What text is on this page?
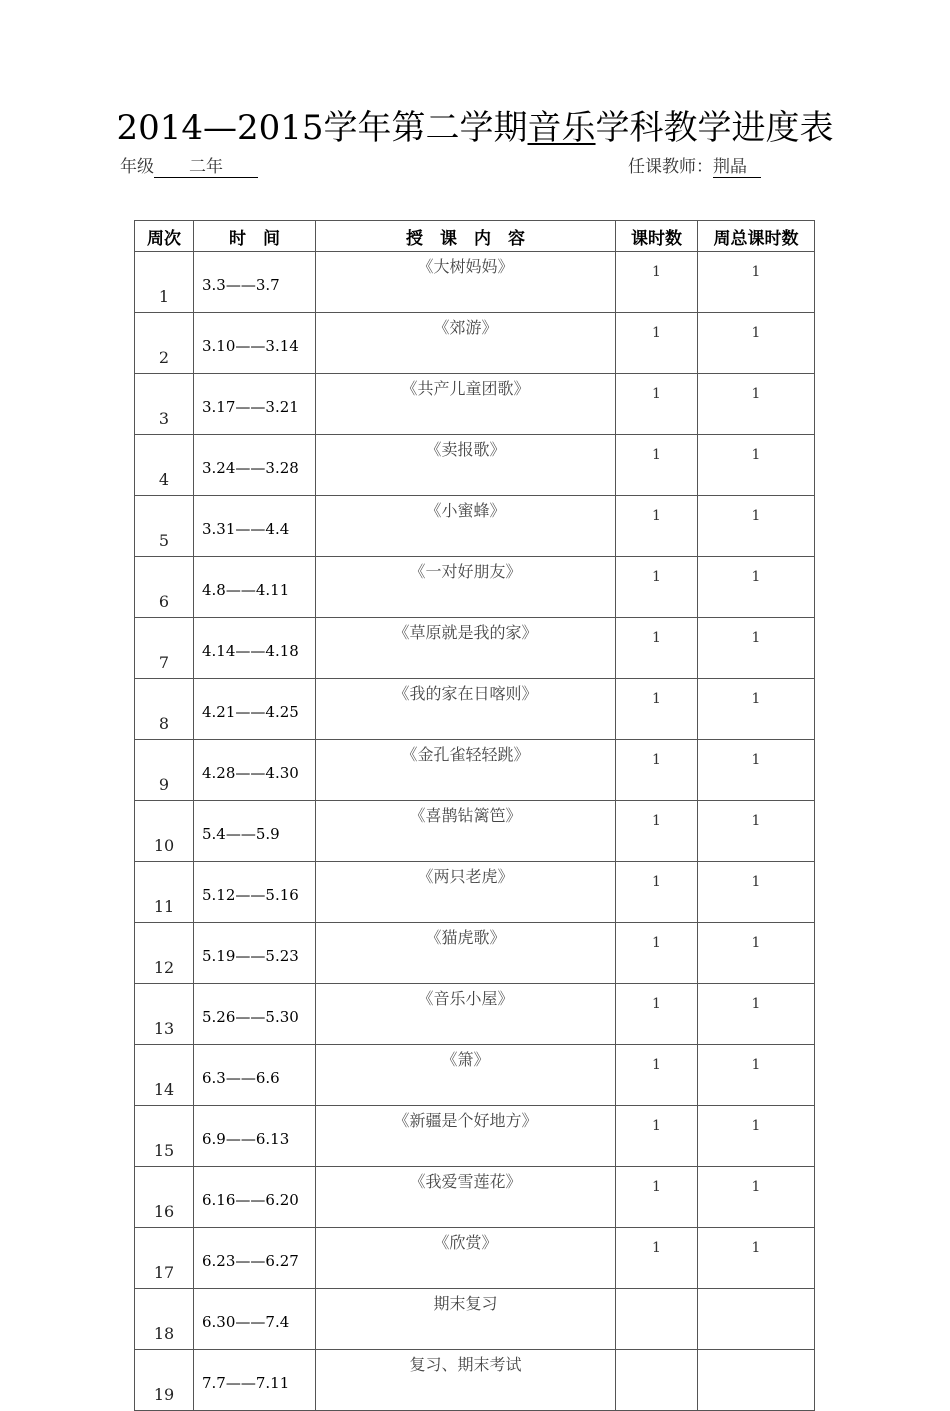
2014—2015学年第二学期音乐学科教学进度表
年级 二年	任课教师：荆晶
周次	时　间	授　课　内　容	课时数	周总课时数
1	3.3——3.7	《大树妈妈》	1	1
2	3.10——3.14	《郊游》	1	1
3	3.17——3.21	《共产儿童团歌》	1	1
4	3.24——3.28	《卖报歌》	1	1
5	3.31——4.4	《小蜜蜂》	1	1
6	4.8——4.11	《一对好朋友》	1	1
7	4.14——4.18	《草原就是我的家》	1	1
8	4.21——4.25	《我的家在日喀则》	1	1
9	4.28——4.30	《金孔雀轻轻跳》	1	1
10	5.4——5.9	《喜鹊钻篱笆》	1	1
11	5.12——5.16	《两只老虎》	1	1
12	5.19——5.23	《猫虎歌》	1	1
13	5.26——5.30	《音乐小屋》	1	1
14	6.3——6.6	《箫》	1	1
15	6.9——6.13	《新疆是个好地方》	1	1
16	6.16——6.20	《我爱雪莲花》	1	1
17	6.23——6.27	《欣赏》	1	1
18	6.30——7.4	期末复习		
19	7.7——7.11	复习、期末考试		
